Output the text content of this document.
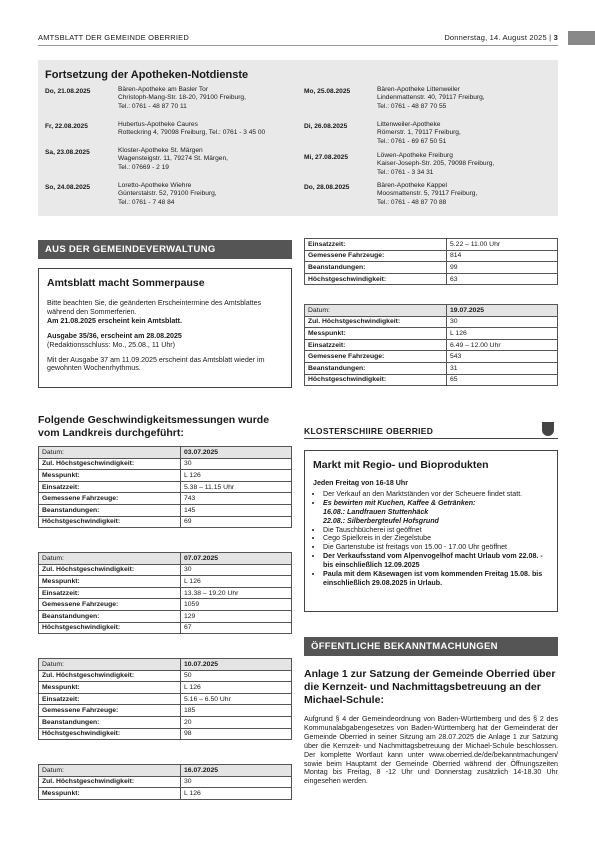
AMTSBLATT DER GEMEINDE OBERRIED	Donnerstag, 14. August 2025 | 3
Fortsetzung der Apotheken-Notdienste
Do, 21.08.2025	Bären-Apotheke am Basler Tor
Christoph-Mang-Str. 18-20, 79100 Freiburg,
Tel.: 0761 - 48 87 70 11
Fr, 22.08.2025	Hubertus-Apotheke Caures
Rotteckring 4, 79098 Freiburg, Tel.: 0761 - 3 45 00
Sa, 23.08.2025	Kloster-Apotheke St. Märgen
Wagensteigstr. 11, 79274 St. Märgen,
Tel.: 07669 - 2 19
So, 24.08.2025	Loretto-Apotheke Wiehre
Günterstalstr. 52, 79100 Freiburg,
Tel.: 0761 - 7 48 84
Mo, 25.08.2025	Bären-Apotheke Littenweiler
Lindenmattenstr. 40, 79117 Freiburg,
Tel.: 0761 - 48 87 70 55
Di, 26.08.2025	Littenweiler-Apotheke
Römerstr. 1, 79117 Freiburg,
Tel.: 0761 - 69 67 50 51
Mi, 27.08.2025	Löwen-Apotheke Freiburg
Kaiser-Joseph-Str. 205, 79098 Freiburg,
Tel.: 0761 - 3 34 31
Do, 28.08.2025	Bären-Apotheke Kappel
Moosmattenstr. 5, 79117 Freiburg,
Tel.: 0761 - 48 87 70 88
AUS DER GEMEINDEVERWALTUNG
Amtsblatt macht Sommerpause
Bitte beachten Sie, die geänderten Erscheintermine des Amtsblattes während den Sommerferien.
Am 21.08.2025 erscheint kein Amtsblatt.
Ausgabe 35/36, erscheint am 28.08.2025
(Redaktionsschluss: Mo., 25.08., 11 Uhr)
Mit der Ausgabe 37 am 11.09.2025 erscheint das Amtsblatt wieder im gewohnten Wochenrhythmus.
Folgende Geschwindigkeitsmessungen wurde vom Landkreis durchgeführt:
Datum:	03.07.2025
Zul. Höchstgeschwindigkeit:	30
Messpunkt:	L 126
Einsatzzeit:	5.38 – 11.15 Uhr
Gemessene Fahrzeuge:	743
Beanstandungen:	145
Höchstgeschwindigkeit:	69
Datum:	07.07.2025
Zul. Höchstgeschwindigkeit:	30
Messpunkt:	L 126
Einsatzzeit:	13.38 – 19.20 Uhr
Gemessene Fahrzeuge:	1059
Beanstandungen:	129
Höchstgeschwindigkeit:	67
Datum:	10.07.2025
Zul. Höchstgeschwindigkeit:	50
Messpunkt:	L 126
Einsatzzeit:	5.16 – 6.50 Uhr
Gemessene Fahrzeuge:	185
Beanstandungen:	20
Höchstgeschwindigkeit:	98
Datum:	16.07.2025
Zul. Höchstgeschwindigkeit:	30
Messpunkt:	L 126
Einsatzzeit:	5.22 – 11.00 Uhr
Gemessene Fahrzeuge:	814
Beanstandungen:	99
Höchstgeschwindigkeit:	63
Datum:	19.07.2025
Zul. Höchstgeschwindigkeit:	30
Messpunkt:	L 126
Einsatzzeit:	6.49 – 12.00 Uhr
Gemessene Fahrzeuge:	543
Beanstandungen:	31
Höchstgeschwindigkeit:	65
KLOSTERSCHIIRE OBERRIED
Markt mit Regio- und Bioprodukten
Jeden Freitag von 16-18 Uhr
• Der Verkauf an den Marktständen vor der Scheuere findet statt.
• Es bewirten mit Kuchen, Kaffee & Getränken:
16.08.: Landfrauen Stuttenhäck
22.08.: Silberbergteufel Hofsgrund
• Die Tauschbücherei ist geöffnet
• Cego Spielkreis in der Ziegelstube
• Die Gartenstube ist freitags von 15.00 - 17.00 Uhr geöffnet
• Der Verkaufsstand vom Alpenvogelhof macht Urlaub vom 22.08. - bis einschließlich 12.09.2025
• Paula mit dem Käsewagen ist vom kommenden Freitag 15.08. bis einschließlich 29.08.2025 in Urlaub.
ÖFFENTLICHE BEKANNTMACHUNGEN
Anlage 1 zur Satzung der Gemeinde Oberried über die Kernzeit- und Nachmittagsbetreuung an der Michael-Schule:
Aufgrund § 4 der Gemeindeordnung von Baden-Württemberg und des § 2 des Kommunalabgabengesetzes von Baden-Württemberg hat der Gemeinderat der Gemeinde Oberried in seiner Sitzung am 28.07.2025 die Anlage 1 zur Satzung über die Kernzeit- und Nachmittagsbetreuung der Michael-Schule beschlossen. Der komplette Wortlaut kann unter www.oberried.de/de/bekanntmachungen/ sowie beim Hauptamt der Gemeinde Oberried während der Öffnungszeiten Montag bis Freitag, 8 -12 Uhr und Donnerstag zusätzlich 14-18.30 Uhr eingesehen werden.
